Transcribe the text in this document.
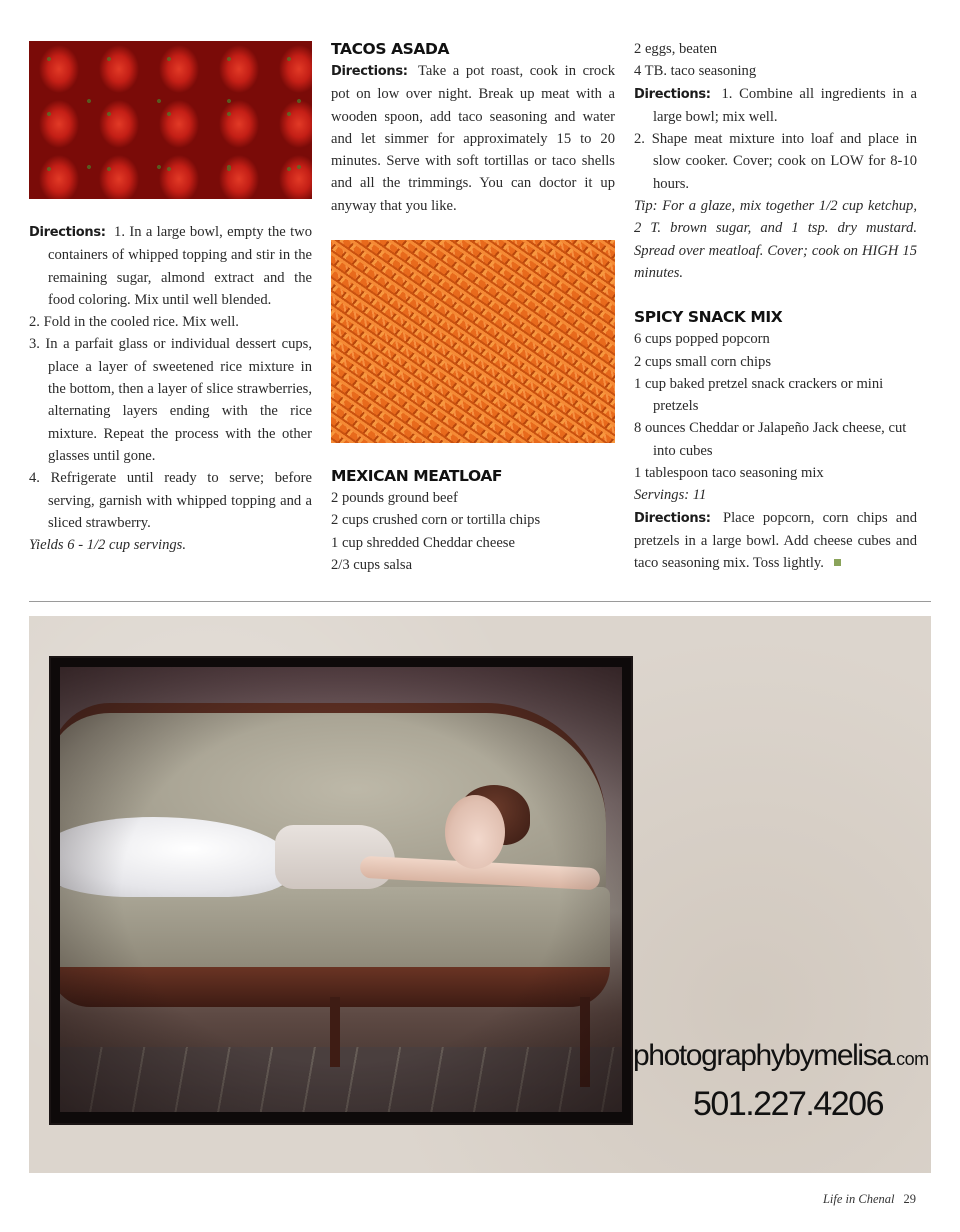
Directions: 1. In a large bowl, empty the two containers of whipped topping and stir in the remaining sugar, almond extract and the food coloring. Mix until well blended.

2. Fold in the cooled rice. Mix well.

3. In a parfait glass or individual dessert cups, place a layer of sweetened rice mixture in the bottom, then a layer of slice strawberries, alternating layers ending with the rice mixture. Repeat the process with the other glasses until gone.

4. Refrigerate until ready to serve; before serving, garnish with whipped topping and a sliced strawberry.

Yields 6 - 1/2 cup servings.

TACOS ASADA

Directions: Take a pot roast, cook in crock pot on low over night. Break up meat with a wooden spoon, add taco seasoning and water and let simmer for approximately 15 to 20 minutes. Serve with soft tortillas or taco shells and all the trimmings. You can doctor it up anyway that you like.

MEXICAN MEATLOAF

2 pounds ground beef

2 cups crushed corn or tortilla chips

1 cup shredded Cheddar cheese

2/3 cups salsa

2 eggs, beaten

4 TB. taco seasoning

Directions: 1. Combine all ingredients in a large bowl; mix well.

2. Shape meat mixture into loaf and place in slow cooker. Cover; cook on LOW for 8-10 hours.

Tip: For a glaze, mix together 1/2 cup ketchup, 2 T. brown sugar, and 1 tsp. dry mustard. Spread over meatloaf. Cover; cook on HIGH 15 minutes.

SPICY SNACK MIX

6 cups popped popcorn

2 cups small corn chips

1 cup baked pretzel snack crackers or mini pretzels

8 ounces Cheddar or Jalapeño Jack cheese, cut into cubes

1 tablespoon taco seasoning mix

Servings: 11

Directions: Place popcorn, corn chips and pretzels in a large bowl. Add cheese cubes and taco seasoning mix. Toss lightly.

photographybymelisa.com
501.227.4206
Life in Chenal 29
